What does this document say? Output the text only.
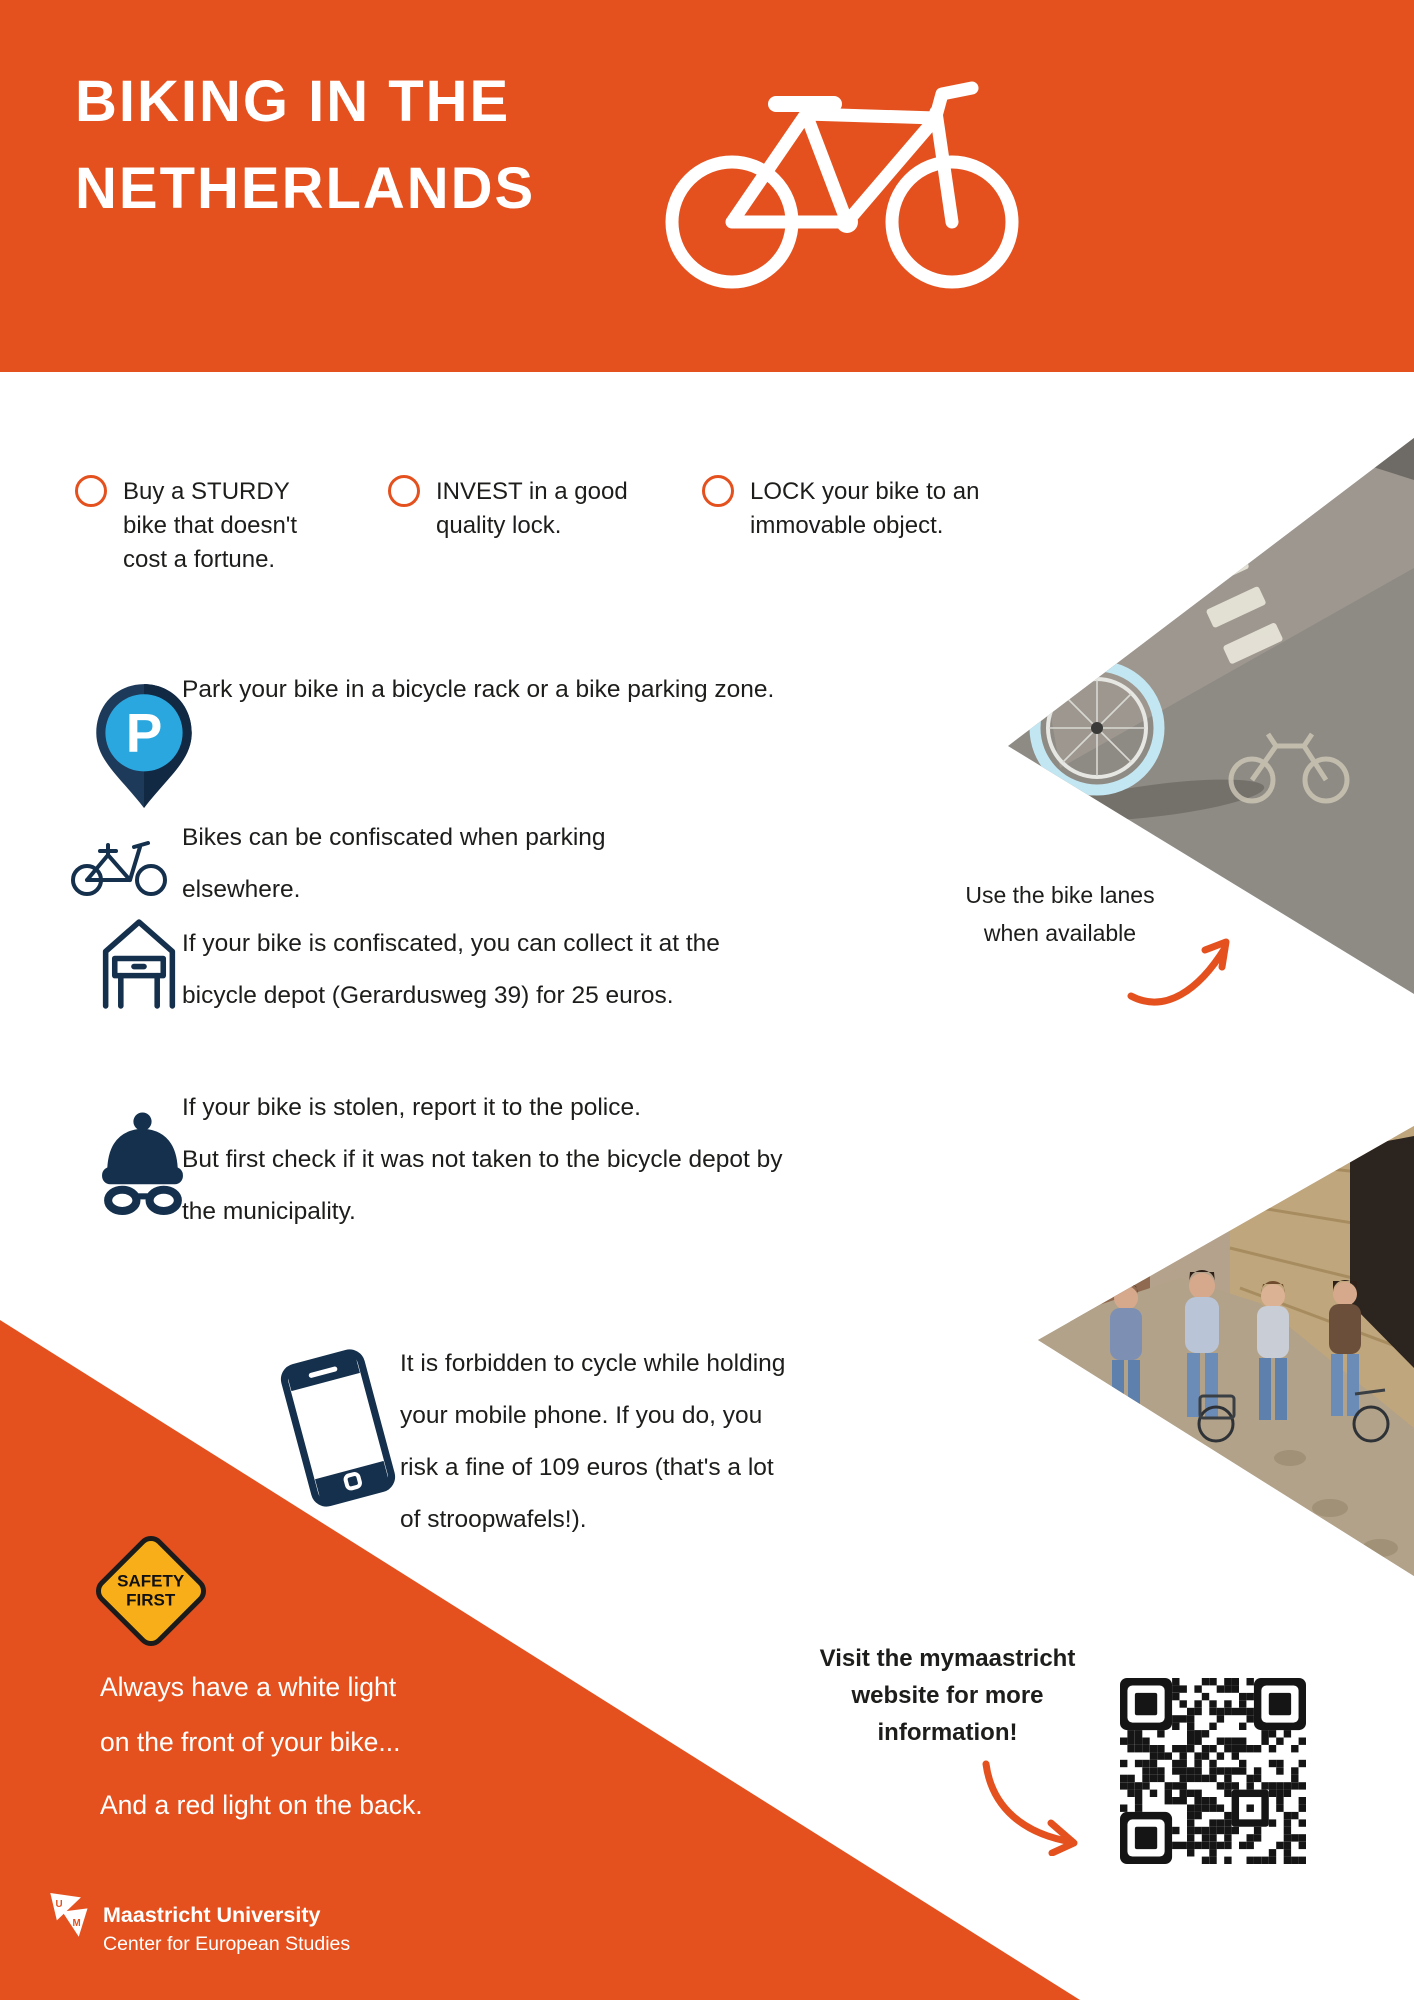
BIKING IN THE
NETHERLANDS
Buy a STURDY bike that doesn't cost a fortune.
INVEST in a good quality lock.
LOCK your bike to an immovable object.
P

Park your bike in a bicycle rack or a bike parking zone.

Bikes can be confiscated when parking elsewhere.

If your bike is confiscated, you can collect it at the bicycle depot (Gerardusweg 39) for 25 euros.

Use the bike lanes when available

If your bike is stolen, report it to the police.

But first check if it was not taken to the bicycle depot by the municipality.

It is forbidden to cycle while holding your mobile phone. If you do, you risk a fine of 109 euros (that's a lot of stroopwafels!).

SAFETY
FIRST

Always have a white light on the front of your bike...

And a red light on the back.

Visit the mymaastricht website for more information!
U
M Maastricht University
Center for European Studies
